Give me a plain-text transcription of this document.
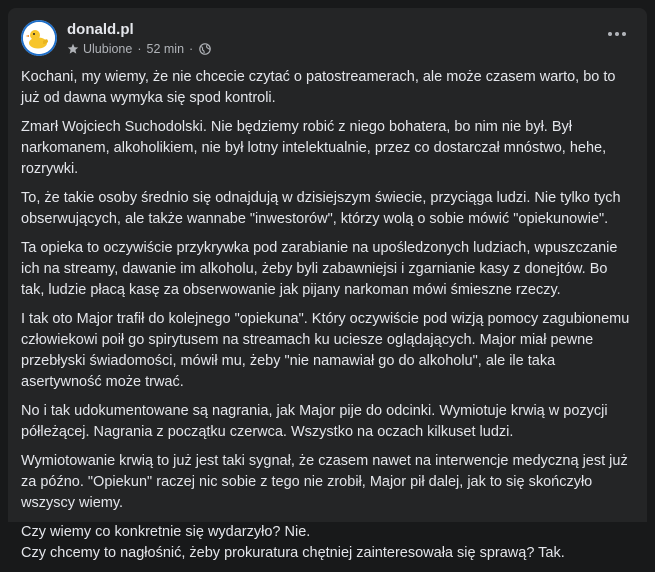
donald.pl
Ulubione · 52 min ·

Kochani, my wiemy, że nie chcecie czytać o patostreamerach, ale może czasem warto, bo to już od dawna wymyka się spod kontroli.

Zmarł Wojciech Suchodolski. Nie będziemy robić z niego bohatera, bo nim nie był. Był narkomanem, alkoholikiem, nie był lotny intelektualnie, przez co dostarczał mnóstwo, hehe, rozrywki.

To, że takie osoby średnio się odnajdują w dzisiejszym świecie, przyciąga ludzi. Nie tylko tych obserwujących, ale także wannabe "inwestorów", którzy wolą o sobie mówić "opiekunowie".

Ta opieka to oczywiście przykrywka pod zarabianie na upośledzonych ludziach, wpuszczanie ich na streamy, dawanie im alkoholu, żeby byli zabawniejsi i zgarnianie kasy z donejtów. Bo tak, ludzie płacą kasę za obserwowanie jak pijany narkoman mówi śmieszne rzeczy.

I tak oto Major trafił do kolejnego "opiekuna". Który oczywiście pod wizją pomocy zagubionemu człowiekowi poił go spirytusem na streamach ku uciesze oglądających. Major miał pewne przebłyski świadomości, mówił mu, żeby "nie namawiał go do alkoholu", ale ile taka asertywność może trwać.

No i tak udokumentowane są nagrania, jak Major pije do odcinki. Wymiotuje krwią w pozycji półleżącej. Nagrania z początku czerwca. Wszystko na oczach kilkuset ludzi.

Wymiotowanie krwią to już jest taki sygnał, że czasem nawet na interwencje medyczną jest już za późno. "Opiekun" raczej nic sobie z tego nie zrobił, Major pił dalej, jak to się skończyło wszyscy wiemy.

Czy wiemy co konkretnie się wydarzyło? Nie.
Czy chcemy to nagłośnić, żeby prokuratura chętniej zainteresowała się sprawą? Tak.
